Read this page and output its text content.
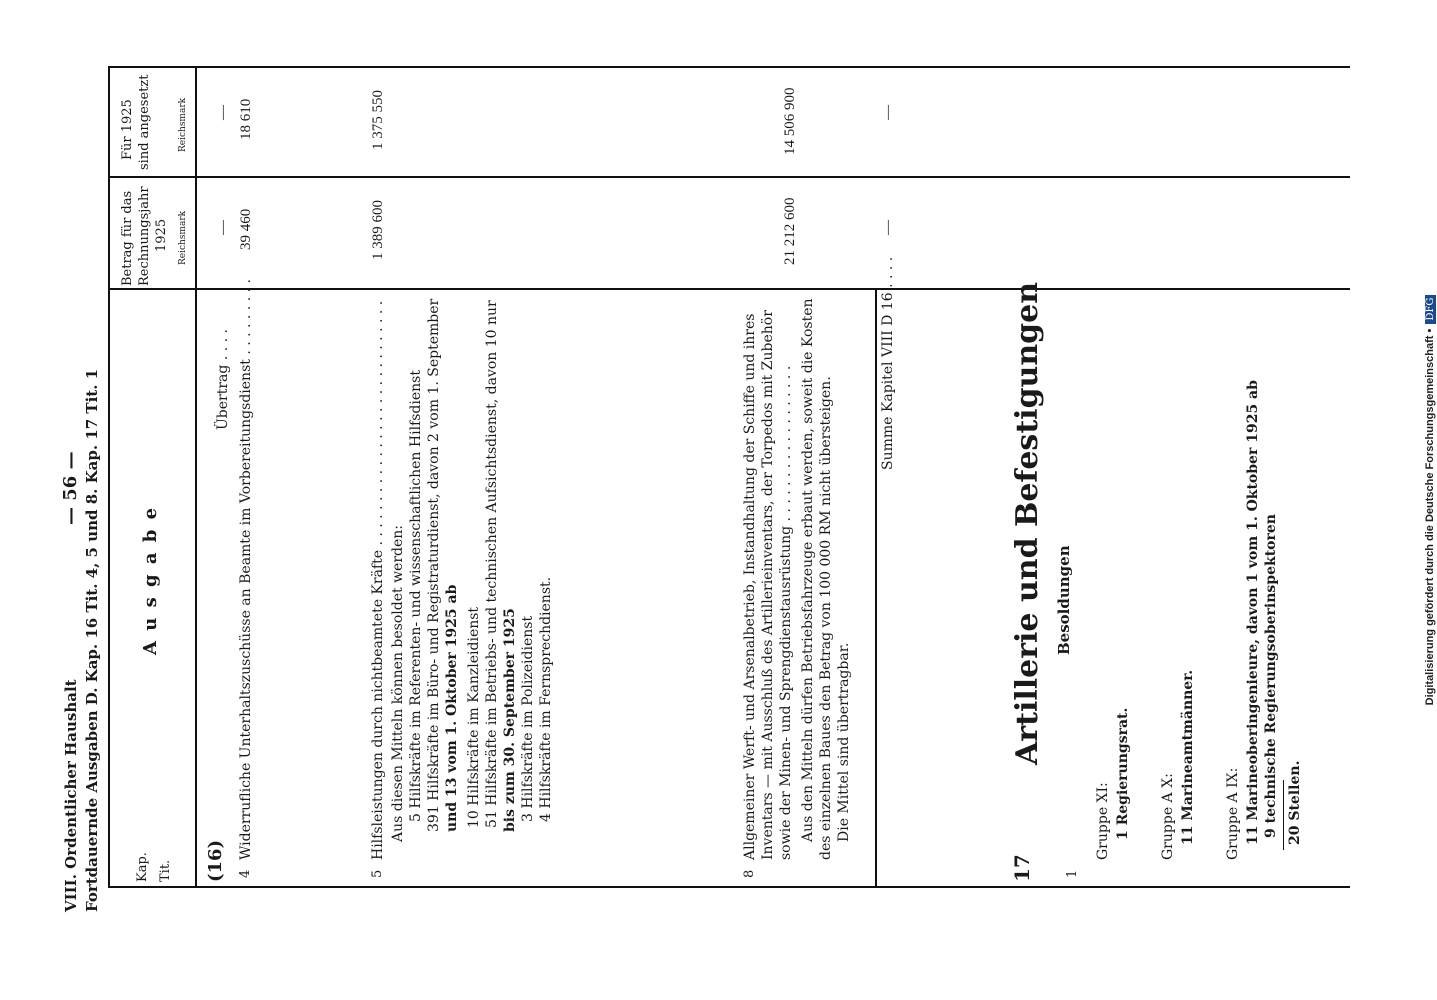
VIII. Ordentlicher Haushalt Fortdauernde Ausgaben D. Kap. 16 Tit. 4, 5 und 8. Kap. 17 Tit. 1
— 56 —
Kap. Tit.
A u s g a b e
Betrag für das Rechnungsjahr 1925 Reichsmark
Für 1925 sind angesetzt	Reichsmark
(16)
Übertrag . . . .
—
—
4
Widerrufliche Unterhaltszuschüsse an Beamte im Vorbereitungsdienst . . . . . . . . .
39 460
18 610
5
Hilfsleistungen durch nichtbeamtete Kräfte . . . . . . . . . . . . . . . . . . . . . . . . . . . .
1 389 600
1 375 550
Aus diesen Mitteln können besoldet werden: 5 Hilfskräfte im Referenten- und wissenschaftlichen Hilfsdienst 391 Hilfskräfte im Büro- und Registraturdienst, davon 2 vom 1. September und 13 vom 1. Oktober 1925 ab 10 Hilfskräfte im Kanzleidienst 51 Hilfskräfte im Betriebs- und technischen Aufsichtsdienst, davon 10 nur bis zum 30. September 1925 3 Hilfskräfte im Polizeidienst 4 Hilfskräfte im Fernsprechdienst.
8
Allgemeiner Werft- und Arsenalbetrieb, Instandhaltung der Schiffe und ihres Inventars — mit Ausschluß des Artillerieinventars, der Torpedos mit Zubehör sowie der Minen- und Sprengdienstausrüstung . . . . . . . . . . . . . . . . . . Aus den Mitteln dürfen Betriebsfahrzeuge erbaut werden, soweit die Kosten des einzelnen Baues den Betrag von 100 000 RM nicht übersteigen. Die Mittel sind übertragbar.
21 212 600
14 506 900
Summe Kapitel VIII D 16 . . . .
—
—
17
Artillerie und Befestigungen Besoldungen
1
Gruppe XI: 1 Regierungsrat. Gruppe A X: 11 Marineamtmänner. Gruppe A IX: 11 Marineoberingenieure, davon 1 vom 1. Oktober 1925 ab 9 technische Regierungsoberinspektoren 20 Stellen.
Digitalisierung gefördert durch die Deutsche Forschungsgemeinschaft • DFG
